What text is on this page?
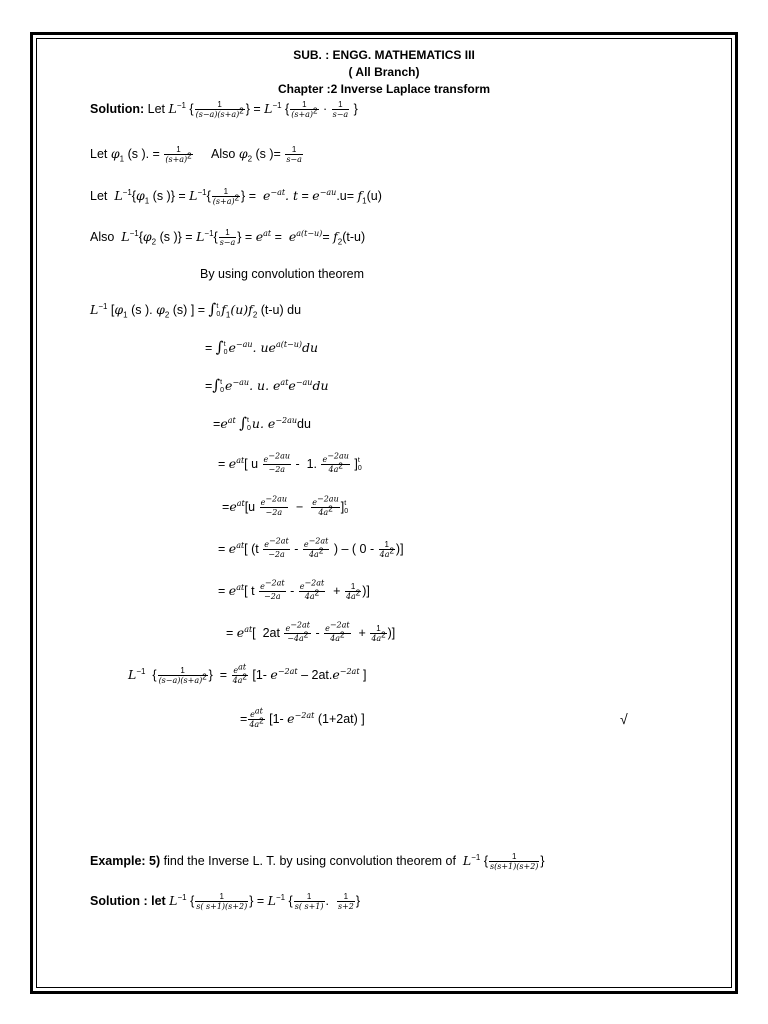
SUB. : ENGG. MATHEMATICS III
( All Branch)
Chapter :2 Inverse Laplace transform
Solution: Let $L^{-1}$ { $\frac{1}{(s-a)(s+a)^2}$ } = $L^{-1}$ { $\frac{1}{(s+a)^2} \cdot \frac{1}{s-a}$ }
Let $\varphi_1$ (s ). = $\frac{1}{(s+a)^2}$ Also $\varphi_2$ (s )= $\frac{1}{s-a}$
Let $L^{-1}\{\varphi_1$ (s )} = $L^{-1}\{ \frac{1}{(s+a)^2}$ } =  $e^{-at}$. $t = e^{-au}.u= f_1(u)$
Also $L^{-1}\{\varphi_2$ (s )} = $L^{-1}\{ \frac{1}{s-a}$ } = $e^{at} = e^{a(t-u)}= f_2(t-u)$
By using convolution theorem
$L^{-1}$ [$\varphi_1$ (s ). $\varphi_2$ (s) ] = ∫ t
0 $f_1(u)f_2$ (t-u) du
= ∫ t
0 $e^{-au}$. $ue^{a(t-u)}du$
=∫ t
0 $e^{-au}$. u. $e^{at}e^{-au}du$
$=e^{at}$ ∫ t
0 u. $e^{-2au}du$
= $e^{at}$[ u $\frac{e^{-2au}}{-2a} - 1$. $\frac{e^{-2au}}{4a^2}$ ] t
0
$=e^{at}[u \frac{e^{-2au}}{-2a} - \frac{e^{-2au}}{4a^2}$ ] t
0
= $e^{at}$[ ($t \frac{e^{-2at}}{-2a} - \frac{e^{-2at}}{4a^2}$ ) – ( $0 - \frac{1}{4a^2}$ )]
= $e^{at}$[ t $\frac{e^{-2at}}{-2a} - \frac{e^{-2at}}{4a^2} + \frac{1}{4a^2}$ )]
= $e^{at}$[  $2at \frac{e^{-2at}}{-4a^2} - \frac{e^{-2at}}{4a^2} + \frac{1}{4a^2}$ )]
$L^{-1}$  { $\frac{1}{(s-a)(s+a)^2}$ }  = $e^{at}$
$4a^2$ [1- $e^{-2at} - 2at.e^{-2at}$ ]
= $e^{at}$
$4a^2$ [1- $e^{-2at}$ (1+2at) ]	√
Example: 5) find the Inverse L. T. by using convolution theorem of $L^{-1}$ { $\frac{1}{s(s+1)(s+2)}$ }
Solution : let $L^{-1}$ { $\frac{1}{s( s+1)(s+2)}$ } = $L^{-1}$ { $\frac{1}{s( s+1)}$ . $\frac{1}{s+2}$ }
